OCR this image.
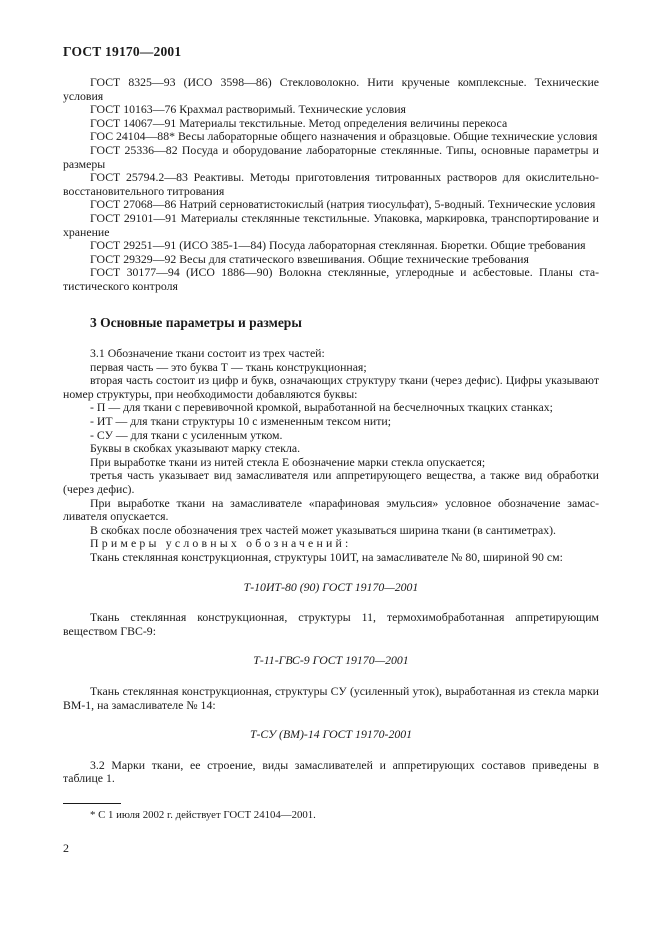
ГОСТ 19170—2001

ГОСТ 8325—93 (ИСО 3598—86) Стекловолокно. Нити крученые комплексные. Технические условия

ГОСТ 10163—76 Крахмал растворимый. Технические условия

ГОСТ 14067—91 Материалы текстильные. Метод определения величины перекоса

ГОС 24104—88* Весы лабораторные общего назначения и образцовые. Общие технические условия

ГОСТ 25336—82 Посуда и оборудование лабораторные стеклянные. Типы, основные параметры и размеры

ГОСТ 25794.2—83 Реактивы. Методы приготовления титрованных растворов для окислительно-восстановительного титрования

ГОСТ 27068—86 Натрий серноватистокислый (натрия тиосульфат), 5-водный. Технические условия

ГОСТ 29101—91 Материалы стеклянные текстильные. Упаковка, маркировка, транспортирование и хранение

ГОСТ 29251—91 (ИСО 385-1—84) Посуда лабораторная стеклянная. Бюретки. Общие требования

ГОСТ 29329—92 Весы для статического взвешивания. Общие технические требования

ГОСТ 30177—94 (ИСО 1886—90) Волокна стеклянные, углеродные и асбестовые. Планы статистического контроля

3 Основные параметры и размеры

3.1 Обозначение ткани состоит из трех частей:

первая часть — это буква Т — ткань конструкционная;

вторая часть состоит из цифр и букв, означающих структуру ткани (через дефис). Цифры указывают номер структуры, при необходимости добавляются буквы:

- П — для ткани с перевивочной кромкой, выработанной на бесчелночных ткацких станках;

- ИТ — для ткани структуры 10 с измененным тексом нити;

- СУ — для ткани с усиленным утком.

Буквы в скобках указывают марку стекла.

При выработке ткани из нитей стекла Е обозначение марки стекла опускается;

третья часть указывает вид замасливателя или аппретирующего вещества, а также вид обработки (через дефис).

При выработке ткани на замасливателе «парафиновая эмульсия» условное обозначение замасливателя опускается.

В скобках после обозначения трех частей может указываться ширина ткани (в сантиметрах).

Примеры условных обозначений:

Ткань стеклянная конструкционная, структуры 10ИТ, на замасливателе № 80, шириной 90 см:

Т-10ИТ-80 (90) ГОСТ 19170—2001

Ткань стеклянная конструкционная, структуры 11, термохимобработанная аппретирующим веществом ГВС-9:

Т-11-ГВС-9 ГОСТ 19170—2001

Ткань стеклянная конструкционная, структуры СУ (усиленный уток), выработанная из стекла марки ВМ-1, на замасливателе № 14:

Т-СУ (ВМ)-14 ГОСТ 19170-2001

3.2 Марки ткани, ее строение, виды замасливателей и аппретирующих составов приведены в таблице 1.

* С 1 июля 2002 г. действует ГОСТ 24104—2001.
2
